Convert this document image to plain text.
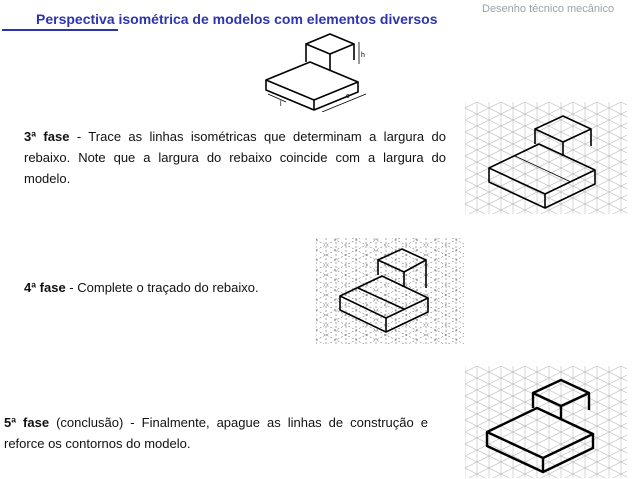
Perspectiva isométrica de modelos com elementos diversos
Desenho técnico mecânico
h
c
l
3ª fase - Trace as linhas isométricas que determinam a largura do rebaixo. Note que a largura do rebaixo coincide com a largura do modelo.
4ª fase - Complete o traçado do rebaixo.
5ª fase (conclusão) - Finalmente, apague as linhas de construção e reforce os contornos do modelo.
